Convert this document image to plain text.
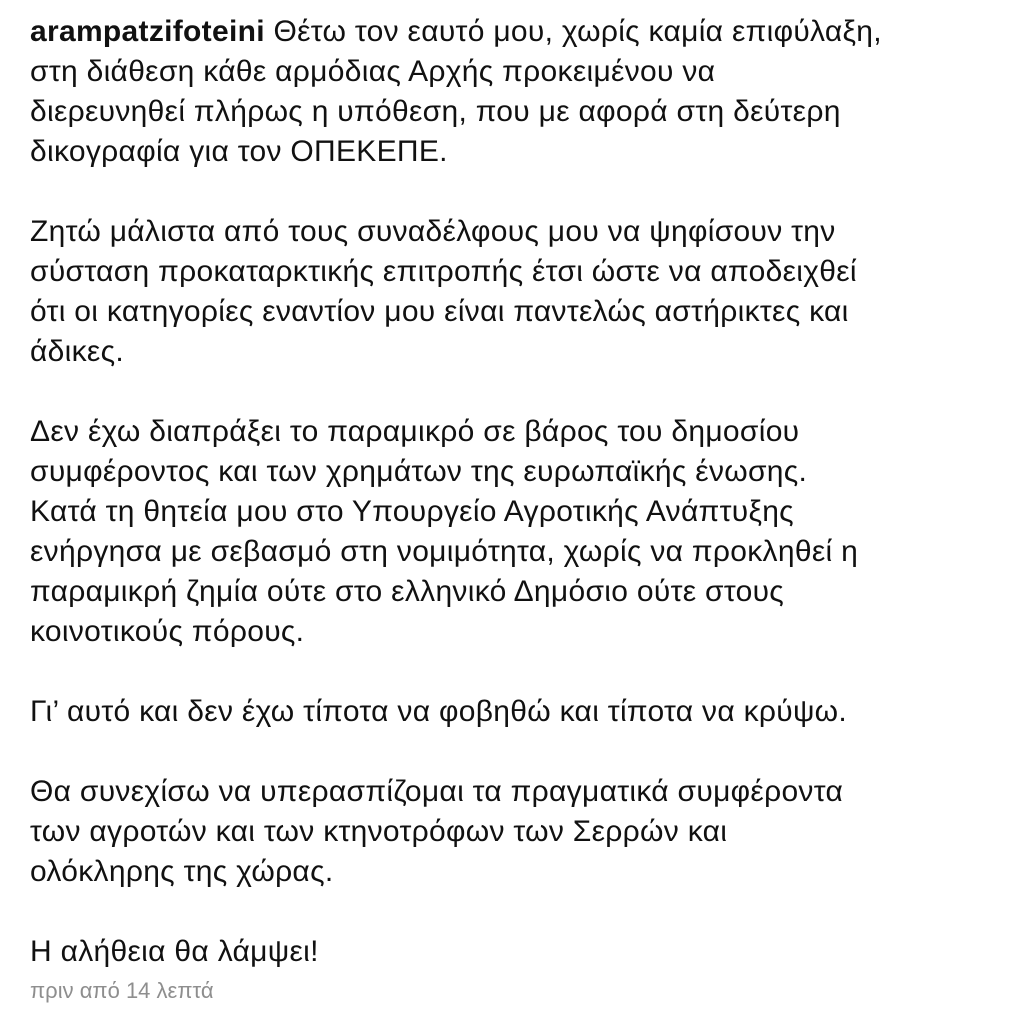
arampatzifoteini Θέτω τον εαυτό μου, χωρίς καμία επιφύλαξη,
στη διάθεση κάθε αρμόδιας Αρχής προκειμένου να
διερευνηθεί πλήρως η υπόθεση, που με αφορά στη δεύτερη
δικογραφία για τον ΟΠΕΚΕΠΕ.
Ζητώ μάλιστα από τους συναδέλφους μου να ψηφίσουν την
σύσταση προκαταρκτικής επιτροπής έτσι ώστε να αποδειχθεί
ότι οι κατηγορίες εναντίον μου είναι παντελώς αστήρικτες και
άδικες.
Δεν έχω διαπράξει το παραμικρό σε βάρος του δημοσίου
συμφέροντος και των χρημάτων της ευρωπαϊκής ένωσης.
Κατά τη θητεία μου στο Υπουργείο Αγροτικής Ανάπτυξης
ενήργησα με σεβασμό στη νομιμότητα, χωρίς να προκληθεί η
παραμικρή ζημία ούτε στο ελληνικό Δημόσιο ούτε στους
κοινοτικούς πόρους.
Γι’ αυτό και δεν έχω τίποτα να φοβηθώ και τίποτα να κρύψω.
Θα συνεχίσω να υπερασπίζομαι τα πραγματικά συμφέροντα
των αγροτών και των κτηνοτρόφων των Σερρών και
ολόκληρης της χώρας.
Η αλήθεια θα λάμψει!
πριν από 14 λεπτά
